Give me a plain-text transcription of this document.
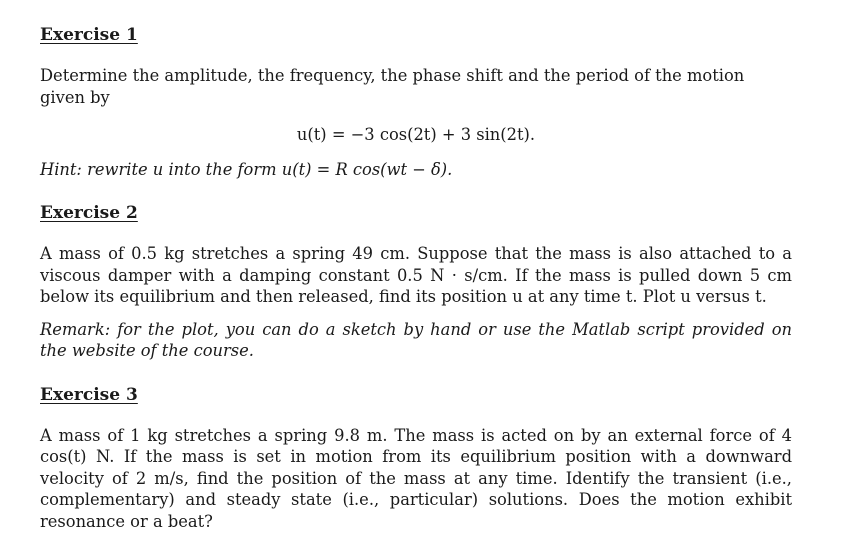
Exercise 1

Determine the amplitude, the frequency, the phase shift and the period of the motion given by

u(t) = −3 cos(2t) + 3 sin(2t).

Hint: rewrite u into the form u(t) = R cos(wt − δ).

Exercise 2

A mass of 0.5 kg stretches a spring 49 cm. Suppose that the mass is also attached to a viscous damper with a damping constant 0.5 N · s/cm. If the mass is pulled down 5 cm below its equilibrium and then released, find its position u at any time t. Plot u versus t.

Remark: for the plot, you can do a sketch by hand or use the Matlab script provided on the website of the course.

Exercise 3

A mass of 1 kg stretches a spring 9.8 m. The mass is acted on by an external force of 4 cos(t) N. If the mass is set in motion from its equilibrium position with a downward velocity of 2 m/s, find the position of the mass at any time. Identify the transient (i.e., complementary) and steady state (i.e., particular) solutions. Does the motion exhibit resonance or a beat?
